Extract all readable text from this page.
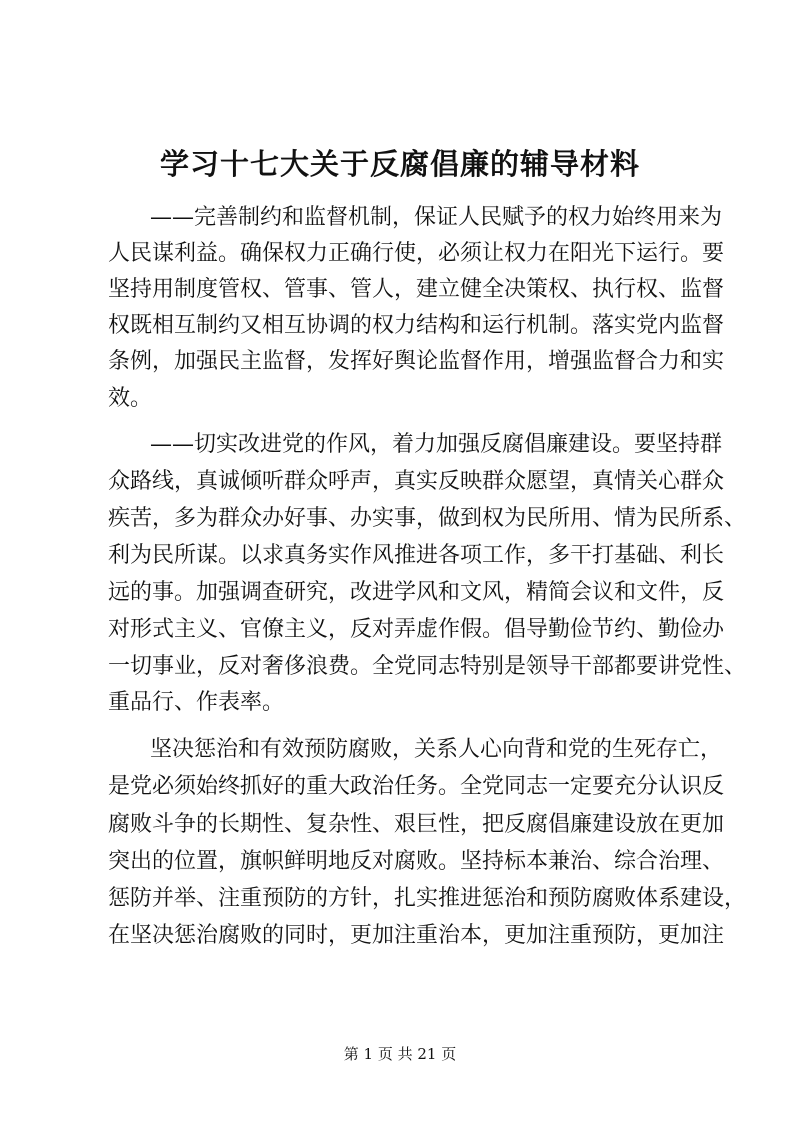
学习十七大关于反腐倡廉的辅导材料
——完善制约和监督机制，保证人民赋予的权力始终用来为
人民谋利益。确保权力正确行使，必须让权力在阳光下运行。要
坚持用制度管权、管事、管人，建立健全决策权、执行权、监督
权既相互制约又相互协调的权力结构和运行机制。落实党内监督
条例，加强民主监督，发挥好舆论监督作用，增强监督合力和实
效。
——切实改进党的作风，着力加强反腐倡廉建设。要坚持群
众路线，真诚倾听群众呼声，真实反映群众愿望，真情关心群众
疾苦，多为群众办好事、办实事，做到权为民所用、情为民所系、
利为民所谋。以求真务实作风推进各项工作，多干打基础、利长
远的事。加强调查研究，改进学风和文风，精简会议和文件，反
对形式主义、官僚主义，反对弄虚作假。倡导勤俭节约、勤俭办
一切事业，反对奢侈浪费。全党同志特别是领导干部都要讲党性、
重品行、作表率。
坚决惩治和有效预防腐败，关系人心向背和党的生死存亡，
是党必须始终抓好的重大政治任务。全党同志一定要充分认识反
腐败斗争的长期性、复杂性、艰巨性，把反腐倡廉建设放在更加
突出的位置，旗帜鲜明地反对腐败。坚持标本兼治、综合治理、
惩防并举、注重预防的方针，扎实推进惩治和预防腐败体系建设，
在坚决惩治腐败的同时，更加注重治本，更加注重预防，更加注
第 1 页 共 21 页
